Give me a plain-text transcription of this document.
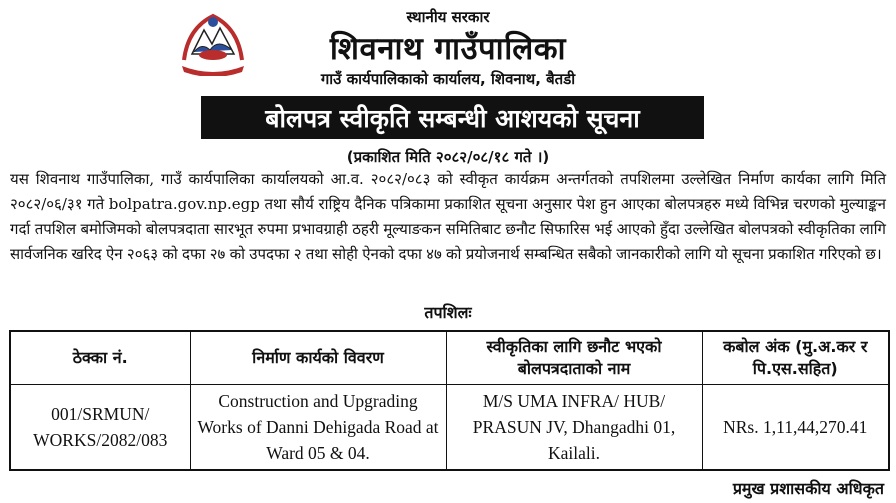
स्थानीय सरकार
शिवनाथ गाउँपालिका
गाउँ कार्यपालिकाको कार्यालय, शिवनाथ, बैतडी
बोलपत्र स्वीकृति सम्बन्धी आशयको सूचना
(प्रकाशित मिति २०८२/०८/१८ गते ।)
यस शिवनाथ गाउँपालिका, गाउँ कार्यपालिका कार्यालयको आ.व. २०८२/०८३ को स्वीकृत कार्यक्रम अन्तर्गतको तपशिलमा उल्लेखित निर्माण कार्यका लागि मिति २०८२/०६/३१ गते bolpatra.gov.np.egp तथा सौर्य राष्ट्रिय दैनिक पत्रिकामा प्रकाशित सूचना अनुसार पेश हुन आएका बोलपत्रहरु मध्ये विभिन्न चरणको मुल्याङ्कन गर्दा तपशिल बमोजिमको बोलपत्रदाता सारभूत रुपमा प्रभावग्राही ठहरी मूल्याङकन समितिबाट छनौट सिफारिस भई आएको हुँदा उल्लेखित बोलपत्रको स्वीकृतिका लागि सार्वजनिक खरिद ऐन २०६३ को दफा २७ को उपदफा २ तथा सोही ऐनको दफा ४७ को प्रयोजनार्थ सम्बन्धित सबैको जानकारीको लागि यो सूचना प्रकाशित गरिएको छ।
तपशिलः
ठेक्का नं.	निर्माण कार्यको विवरण	स्वीकृतिका लागि छनौट भएको बोलपत्रदाताको नाम	कबोल अंक (मु.अ.कर र पि.एस.सहित)
001/SRMUN/ WORKS/2082/083	Construction and Upgrading Works of Danni Dehigada Road at Ward 05 & 04.	M/S UMA INFRA/ HUB/ PRASUN JV, Dhangadhi 01, Kailali.	NRs. 1,11,44,270.41
प्रमुख प्रशासकीय अधिकृत
